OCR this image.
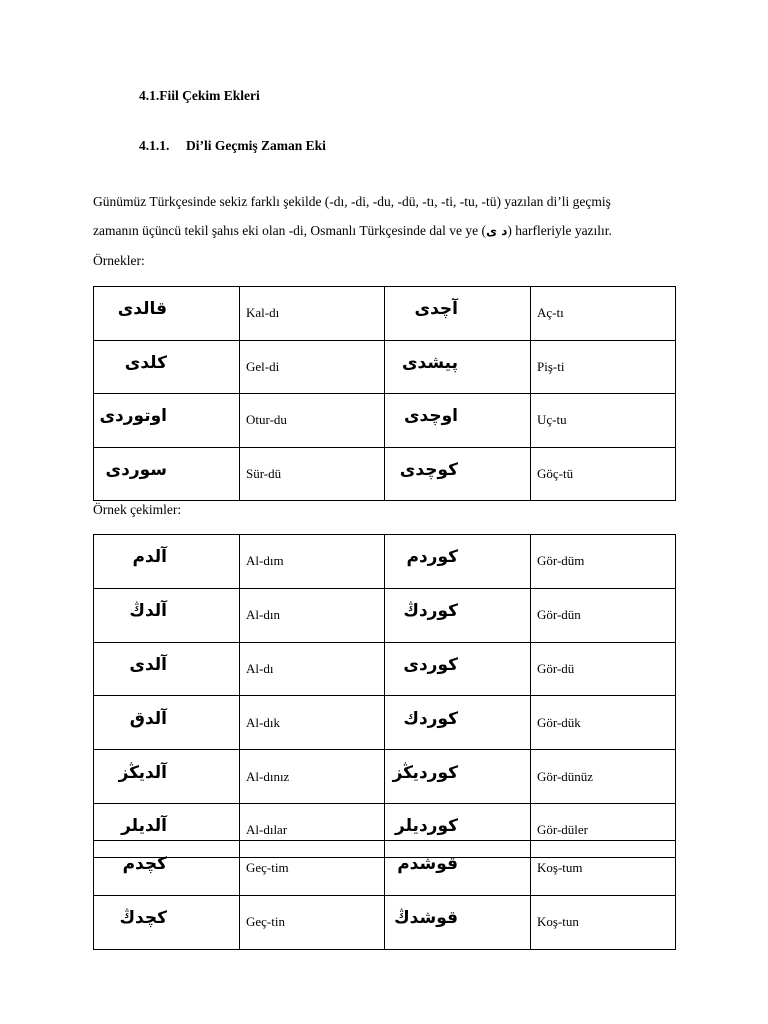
4.1.Fiil Çekim Ekleri
4.1.1. Di’li Geçmiş Zaman Eki
Günümüz Türkçesinde sekiz farklı şekilde (-dı, -di, -du, -dü, -tı, -ti, -tu, -tü) yazılan di’li geçmiş
zamanın üçüncü tekil şahıs eki olan -di, Osmanlı Türkçesinde dal ve ye (د ى) harfleriyle yazılır.
Örnekler:
قالدى	Kal-dı	آچدى	Aç-tı
كلدى	Gel-di	پيشدى	Piş-ti
اوتوردى	Otur-du	اوچدى	Uç-tu
سوردى	Sür-dü	كوچدى	Göç-tü
Örnek çekimler:
آلدم	Al-dım	كوردم	Gör-düm
آلدڭ	Al-dın	كوردڭ	Gör-dün
آلدى	Al-dı	كوردى	Gör-dü
آلدق	Al-dık	كوردك	Gör-dük
آلديڭز	Al-dınız	كورديڭز	Gör-dünüz
آلديلر	Al-dılar	كورديلر	Gör-düler
كچدم	Geç-tim	قوشدم	Koş-tum
كچدڭ	Geç-tin	قوشدڭ	Koş-tun
